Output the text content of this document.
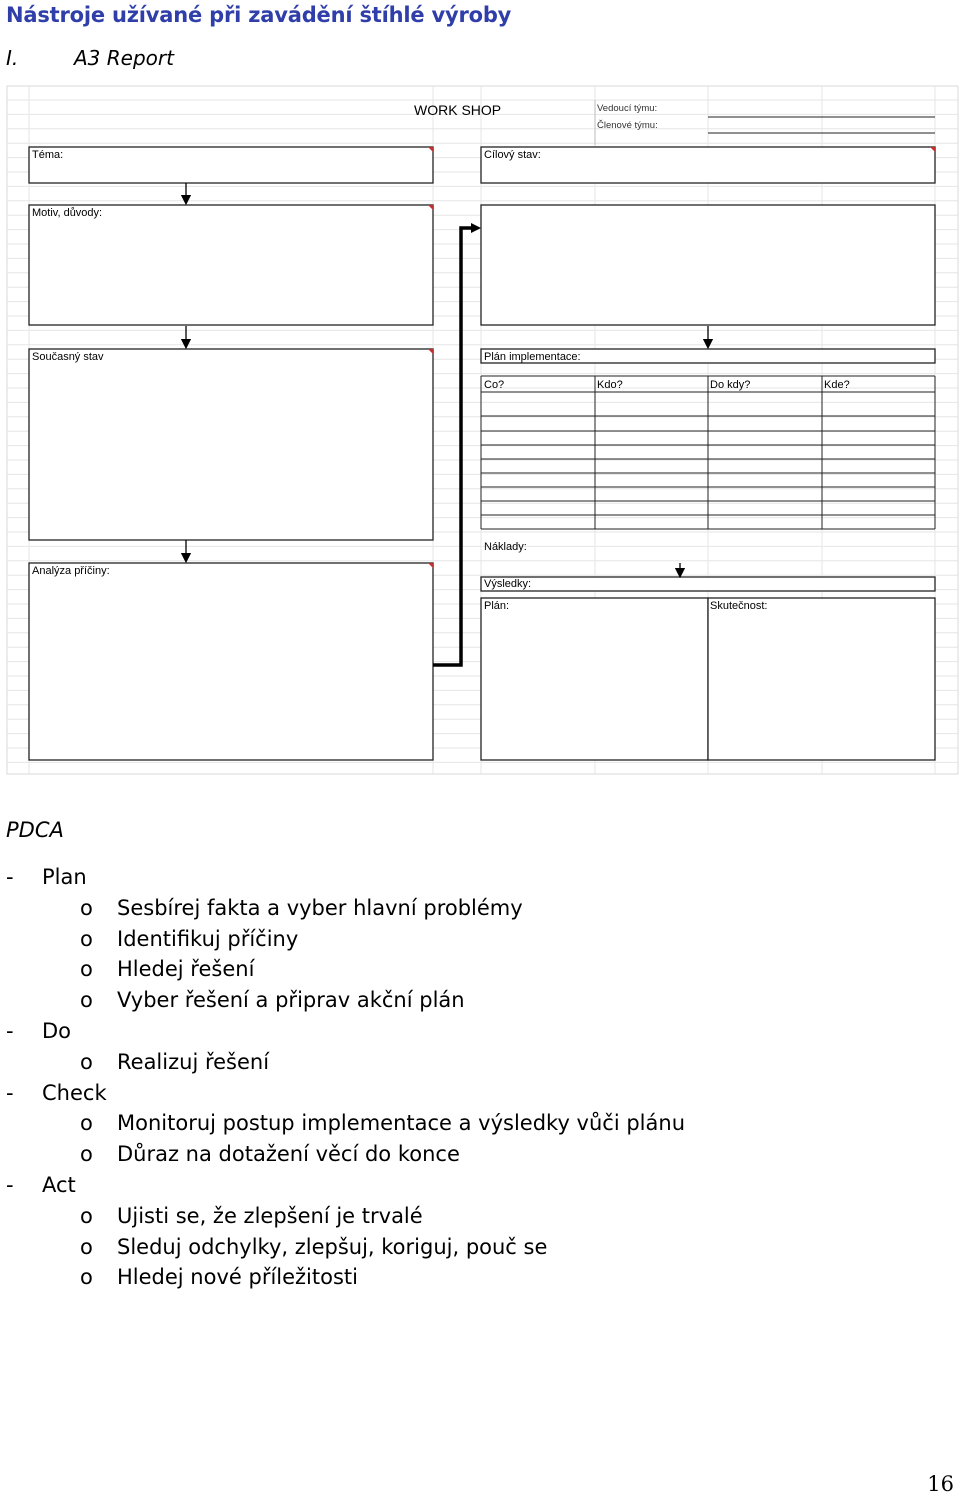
Nástroje užívané při zavádění štíhlé výroby
I.	A3 Report
WORK SHOP	Vedoucí týmu:
Členové týmu:
Téma:	Cílový stav:
Motiv, důvody:
Současný stav	Plán implementace:
Co?	Kdo?	Do kdy?	Kde?
Náklady:
Analýza příčiny:
Výsledky:
Plán:	Skutečnost:
PDCA
- Plan
o Sesbírej fakta a vyber hlavní problémy
o Identifikuj příčiny
o Hledej řešení
o Vyber řešení a připrav akční plán
- Do
o Realizuj řešení
- Check
o Monitoruj postup implementace a výsledky vůči plánu
o Důraz na dotažení věcí do konce
- Act
o Ujisti se, že zlepšení je trvalé
o Sleduj odchylky, zlepšuj, koriguj, pouč se
o Hledej nové příležitosti
16
